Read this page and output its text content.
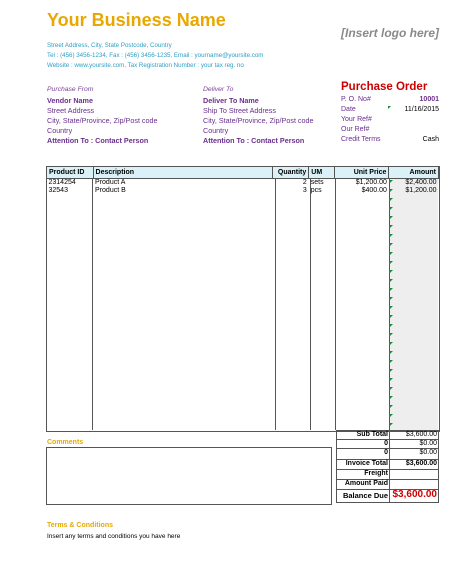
Your Business Name
[Insert logo here]
Street Address, City, State Postcode, Country
Tel : (456) 3456-1234, Fax : (456) 3456-1235, Email : yourname@yoursite.com
Website : www.yoursite.com, Tax Registration Number : your tax reg. no
Purchase From
Vendor Name
Street Address
City, State/Province, Zip/Post code
Country
Attention To : Contact Person
Deliver To
Deliver To Name
Ship To Street Address
City, State/Province, Zip/Post code
Country
Attention To : Contact Person
Purchase Order
P. O. No#	10001
Date	11/16/2015
Your Ref#
Our Ref#
Credit Terms	Cash
Product ID	Description	Quantity	UM	Unit Price	Amount
2314254	Product A	2	sets	$1,200.00	$2,400.00
32543	Product B	3	pcs	$400.00	$1,200.00
Sub Total	$3,600.00
0	$0.00
0	$0.00
Invoice Total	$3,600.00
Freight
Amount Paid
Balance Due $3,600.00
Comments
Terms & Conditions
Insert any terms and conditions you have here
